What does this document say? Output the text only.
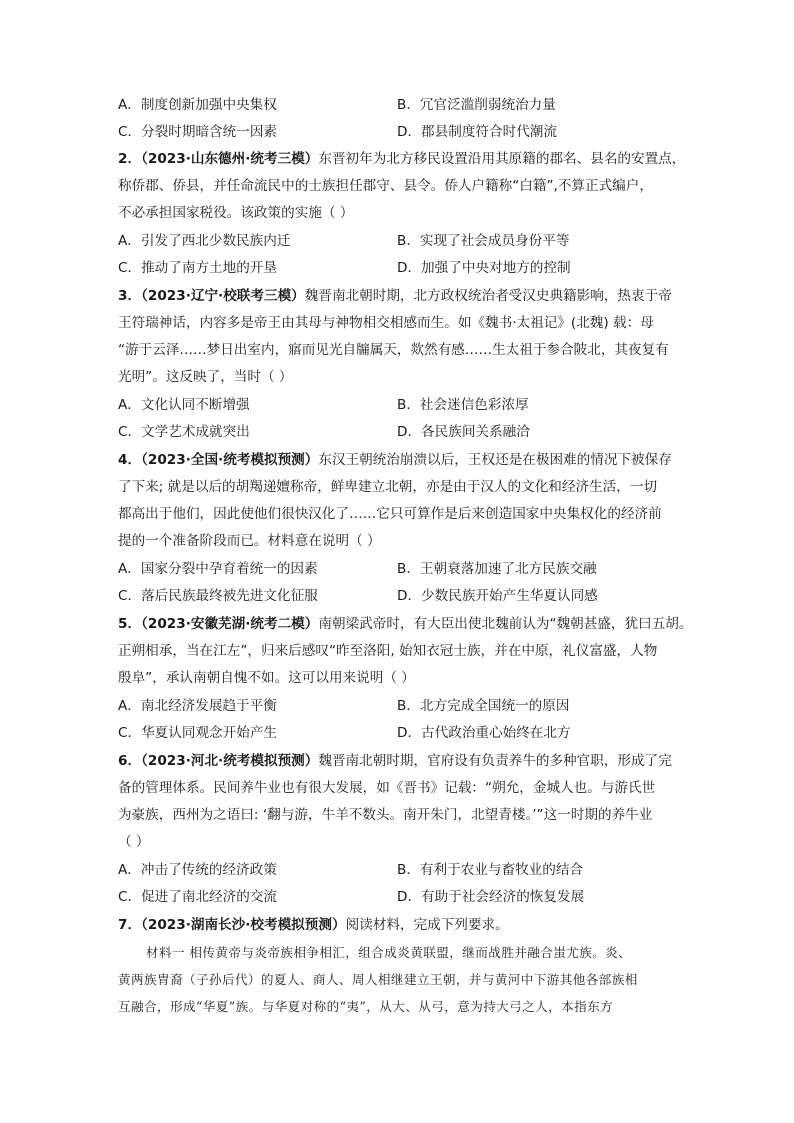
A．制度创新加强中央集权	B．冗官泛滥削弱统治力量
C．分裂时期暗含统一因素	D．郡县制度符合时代潮流
2．（2023·山东德州·统考三模）东晋初年为北方移民设置沿用其原籍的郡名、县名的安置点，
称侨郡、侨县，并任命流民中的士族担任郡守、县令。侨人户籍称“白籍”,不算正式编户，
不必承担国家税役。该政策的实施（ ）
A．引发了西北少数民族内迁	B．实现了社会成员身份平等
C．推动了南方土地的开垦	D．加强了中央对地方的控制
3．（2023·辽宁·校联考三模）魏晋南北朝时期，北方政权统治者受汉史典籍影响，热衷于帝
王符瑞神话，内容多是帝王由其母与神物相交相感而生。如《魏书·太祖记》(北魏) 载：母
“游于云泽……梦日出室内，寤而见光自牖属天，欻然有感……生太祖于参合陂北，其夜复有
光明”。这反映了，当时（ ）
A．文化认同不断增强	B．社会迷信色彩浓厚
C．文学艺术成就突出	D．各民族间关系融洽
4．（2023·全国·统考模拟预测）东汉王朝统治崩溃以后，王权还是在极困难的情况下被保存
了下来; 就是以后的胡羯递嬗称帝，鲜卑建立北朝，亦是由于汉人的文化和经济生活，一切
都高出于他们，因此使他们很快汉化了……它只可算作是后来创造国家中央集权化的经济前
提的一个准备阶段而已。材料意在说明（ ）
A．国家分裂中孕育着统一的因素	B．王朝衰落加速了北方民族交融
C．落后民族最终被先进文化征服	D．少数民族开始产生华夏认同感
5．（2023·安徽芜湖·统考二模）南朝梁武帝时，有大臣出使北魏前认为“魏朝甚盛，犹曰五胡。
正朔相承，当在江左”，归来后感叹“昨至洛阳, 始知衣冠士族，并在中原，礼仪富盛，人物
殷阜”，承认南朝自愧不如。这可以用来说明（ ）
A．南北经济发展趋于平衡	B．北方完成全国统一的原因
C．华夏认同观念开始产生	D．古代政治重心始终在北方
6．（2023·河北·统考模拟预测）魏晋南北朝时期，官府设有负责养牛的多种官职，形成了完
备的管理体系。民间养牛业也有很大发展，如《晋书》记载：“朔允，金城人也。与游氏世
为豪族，西州为之语曰: ‘翻与游，牛羊不数头。南开朱门，北望青楼。’”这一时期的养牛业
（ ）
A．冲击了传统的经济政策	B．有利于农业与畜牧业的结合
C．促进了南北经济的交流	D．有助于社会经济的恢复发展
7．（2023·湖南长沙·校考模拟预测）阅读材料，完成下列要求。
材料一 相传黄帝与炎帝族相争相汇，组合成炎黄联盟，继而战胜并融合蚩尤族。炎、
黄两族胄裔（子孙后代）的夏人、商人、周人相继建立王朝，并与黄河中下游其他各部族相
互融合，形成“华夏”族。与华夏对称的“夷”，从大、从弓，意为持大弓之人，本指东方
